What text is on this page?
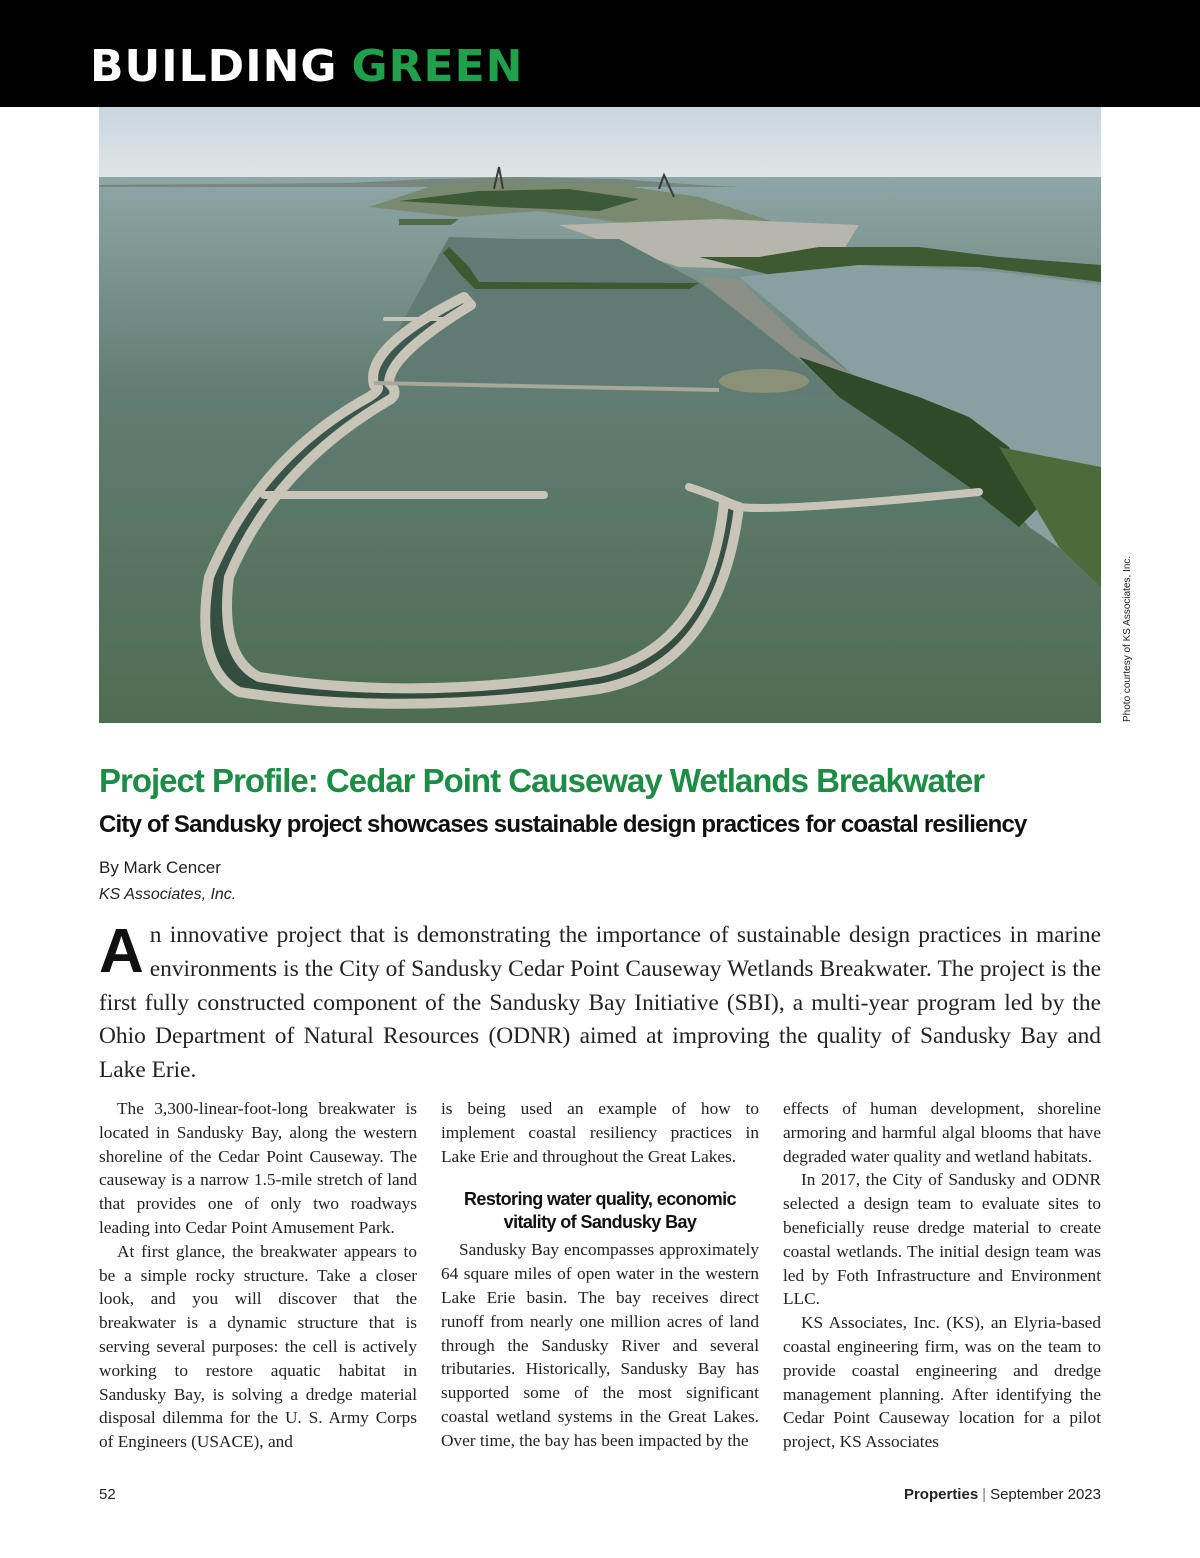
BUILDING GREEN
Photo courtesy of KS Associates, Inc.
Project Profile: Cedar Point Causeway Wetlands Breakwater
City of Sandusky project showcases sustainable design practices for coastal resiliency
By Mark Cencer
KS Associates, Inc.
An innovative project that is demonstrating the importance of sustainable design practices in marine environments is the City of Sandusky Cedar Point Causeway Wetlands Breakwater. The project is the first fully constructed component of the Sandusky Bay Initiative (SBI), a multi-year program led by the Ohio Department of Natural Resources (ODNR) aimed at improving the quality of Sandusky Bay and Lake Erie.

The 3,300-linear-foot-long breakwater is located in Sandusky Bay, along the western shoreline of the Cedar Point Causeway. The causeway is a narrow 1.5-mile stretch of land that provides one of only two roadways leading into Cedar Point Amusement Park.

At first glance, the breakwater appears to be a simple rocky structure. Take a closer look, and you will discover that the breakwater is a dynamic structure that is serving several purposes: the cell is actively working to restore aquatic habitat in Sandusky Bay, is solving a dredge material disposal dilemma for the U. S. Army Corps of Engineers (USACE), and

is being used an example of how to implement coastal resiliency practices in Lake Erie and throughout the Great Lakes.

Restoring water quality, economic vitality of Sandusky Bay

Sandusky Bay encompasses approximately 64 square miles of open water in the western Lake Erie basin. The bay receives direct runoff from nearly one million acres of land through the Sandusky River and several tributaries. Historically, Sandusky Bay has supported some of the most significant coastal wetland systems in the Great Lakes. Over time, the bay has been impacted by the

effects of human development, shoreline armoring and harmful algal blooms that have degraded water quality and wetland habitats.

In 2017, the City of Sandusky and ODNR selected a design team to evaluate sites to beneficially reuse dredge material to create coastal wetlands. The initial design team was led by Foth Infrastructure and Environment LLC.

KS Associates, Inc. (KS), an Elyria-based coastal engineering firm, was on the team to provide coastal engineering and dredge management planning. After identifying the Cedar Point Causeway location for a pilot project, KS Associates

52	Properties | September 2023
